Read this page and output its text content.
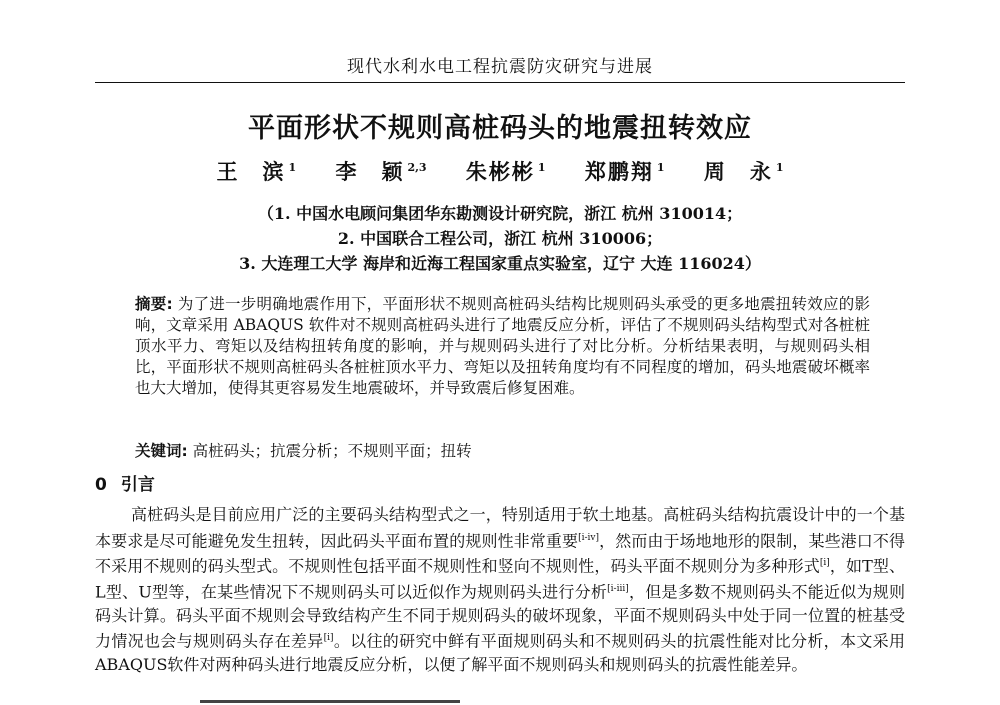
现代水利水电工程抗震防灾研究与进展
平面形状不规则高桩码头的地震扭转效应
王　滨 $^1$ 李　颖 $^{2,3}$ 朱彬彬 $^1$ 郑鹏翔 $^1$ 周　永 $^1$
（1. 中国水电顾问集团华东勘测设计研究院，浙江 杭州 310014；
2. 中国联合工程公司，浙江 杭州 310006；
3. 大连理工大学 海岸和近海工程国家重点实验室，辽宁 大连 116024）
摘要: 为了进一步明确地震作用下，平面形状不规则高桩码头结构比规则码头承受的更多地震扭转效应的影响，文章采用 ABAQUS 软件对不规则高桩码头进行了地震反应分析，评估了不规则码头结构型式对各桩桩顶水平力、弯矩以及结构扭转角度的影响，并与规则码头进行了对比分析。分析结果表明，与规则码头相比，平面形状不规则高桩码头各桩桩顶水平力、弯矩以及扭转角度均有不同程度的增加，码头地震破坏概率也大大增加，使得其更容易发生地震破坏，并导致震后修复困难。
关键词: 高桩码头；抗震分析；不规则平面；扭转
0 引言
高桩码头是目前应用广泛的主要码头结构型式之一，特别适用于软土地基。高桩码头结构抗震设计中的一个基本要求是尽可能避免发生扭转，因此码头平面布置的规则性非常重要[i-iv]，然而由于场地地形的限制，某些港口不得不采用不规则的码头型式。不规则性包括平面不规则性和竖向不规则性，码头平面不规则分为多种形式[i]，如T型、L型、U型等，在某些情况下不规则码头可以近似作为规则码头进行分析[i-iii]，但是多数不规则码头不能近似为规则码头计算。码头平面不规则会导致结构产生不同于规则码头的破坏现象，平面不规则码头中处于同一位置的桩基受力情况也会与规则码头存在差异[i]。以往的研究中鲜有平面规则码头和不规则码头的抗震性能对比分析，本文采用ABAQUS软件对两种码头进行地震反应分析，以便了解平面不规则码头和规则码头的抗震性能差异。
